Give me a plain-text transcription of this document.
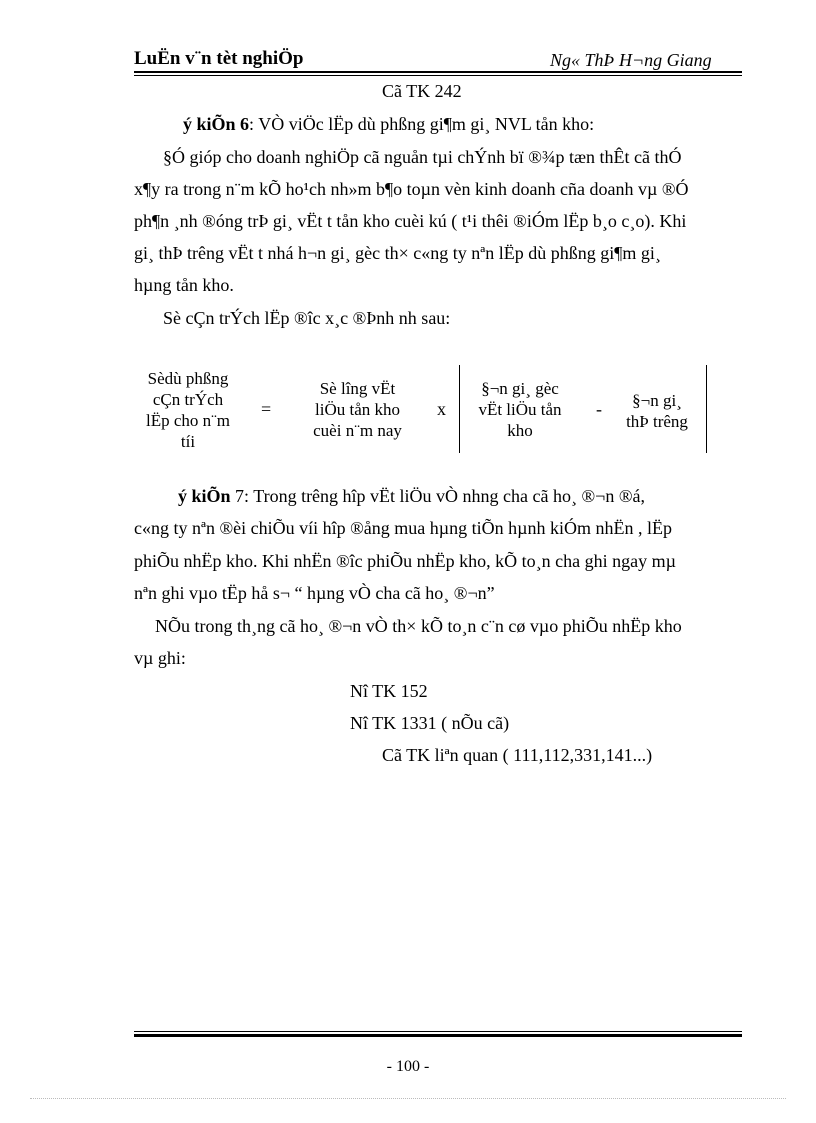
LuËn v¨n tèt nghiÖp	Ng« ThÞ H¬ng Giang
Cã TK 242
ý kiÕn 6: VÒ viÖc lËp dù phßng gi¶m gi¸ NVL tån kho:
§Ó gióp cho doanh nghiÖp cã nguån tµi chÝnh bï ®¾p tæn thÊt cã thÓ
x¶y ra trong n¨m kÕ ho¹ch nh»m b¶o toµn vèn kinh doanh cña doanh vµ ®Ó
ph¶n ¸nh ®óng trÞ gi¸ vËt t tån kho cuèi kú ( t¹i thêi ®iÓm lËp b¸o c¸o). Khi
gi¸ thÞ trêng vËt t nhá h¬n gi¸ gèc th× c«ng ty nªn lËp dù phßng gi¶m gi¸
hµng tån kho.
Sè cÇn trÝch lËp ®îc x¸c ®Þnh nh sau:
Sèdù phßng
cÇn trÝch
lËp cho n¨m
tíi
=
Sè lîng vËt
liÖu tån kho
cuèi n¨m nay
x
§¬n gi¸ gèc
vËt liÖu tån
kho
-	§¬n gi¸
thÞ trêng
ý kiÕn 7: Trong trêng hîp vËt liÖu vÒ nhng cha cã ho¸ ®¬n ®á,
c«ng ty nªn ®èi chiÕu víi hîp ®ång mua hµng tiÕn hµnh kiÓm nhËn , lËp
phiÕu nhËp kho. Khi nhËn ®îc phiÕu nhËp kho, kÕ to¸n cha ghi ngay mµ
nªn ghi vµo tËp hå s¬ “ hµng vÒ cha cã ho¸ ®¬n”
NÕu trong th¸ng cã ho¸ ®¬n vÒ th× kÕ to¸n c¨n cø vµo phiÕu nhËp kho
vµ ghi:
Nî TK 152
Nî TK 1331 ( nÕu cã)
Cã TK liªn quan ( 111,112,331,141...)
- 100 -
